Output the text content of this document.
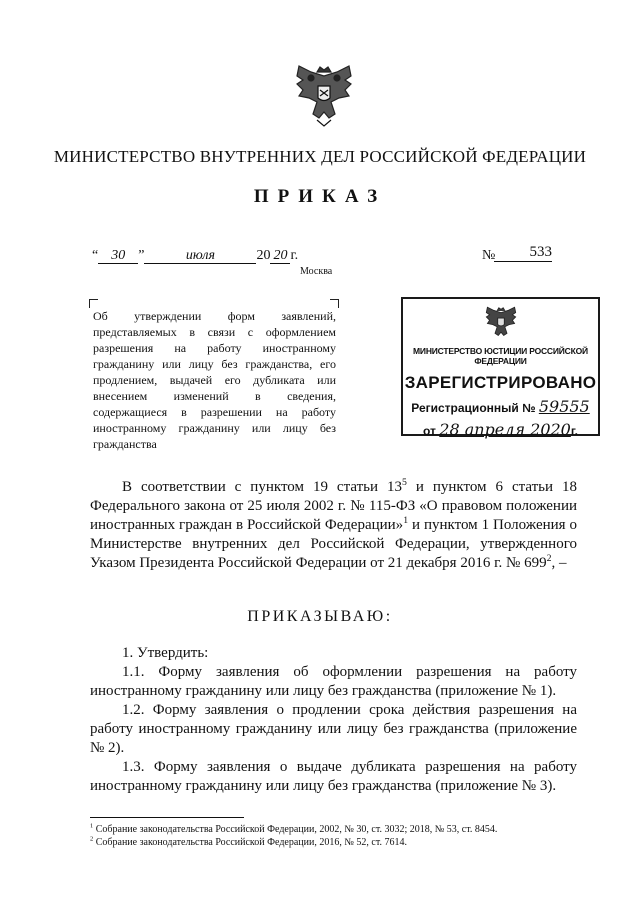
МИНИСТЕРСТВО ВНУТРЕННИХ ДЕЛ РОССИЙСКОЙ ФЕДЕРАЦИИ
ПРИКАЗ
“ 30 ”	июля	20 20 г.
Москва
№	533
Об утверждении форм заявлений, представляемых в связи с оформлением разрешения на работу иностранному гражданину или лицу без гражданства, его продлением, выдачей его дубликата или внесением изменений в сведения, содержащиеся в разрешении на работу иностранному гражданину или лицу без гражданства
МИНИСТЕРСТВО ЮСТИЦИИ РОССИЙСКОЙ ФЕДЕРАЦИИ
ЗАРЕГИСТРИРОВАНО
Регистрационный № 59555
от 28 апреля 2020г.
В соответствии с пунктом 19 статьи $13^5$ и пунктом 6 статьи 18 Федерального закона от 25 июля 2002 г. № 115-ФЗ «О правовом положении иностранных граждан в Российской Федерации»$^1$ и пунктом 1 Положения о Министерстве внутренних дел Российской Федерации, утвержденного Указом Президента Российской Федерации от 21 декабря 2016 г. № $699^2$, –
ПРИКАЗЫВАЮ:

1. Утвердить:

1.1. Форму заявления об оформлении разрешения на работу иностранному гражданину или лицу без гражданства (приложение № 1).

1.2. Форму заявления о продлении срока действия разрешения на работу иностранному гражданину или лицу без гражданства (приложение № 2).

1.3. Форму заявления о выдаче дубликата разрешения на работу иностранному гражданину или лицу без гражданства (приложение № 3).

$^1$ Собрание законодательства Российской Федерации, 2002, № 30, ст. 3032; 2018, № 53, ст. 8454.
$^2$ Собрание законодательства Российской Федерации, 2016, № 52, ст. 7614.
